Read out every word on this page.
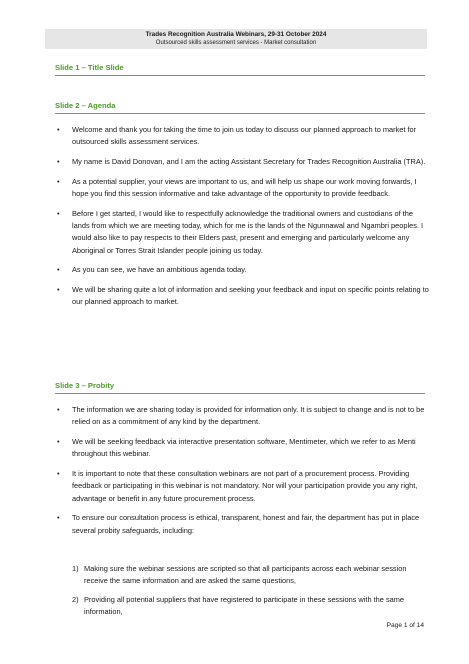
Trades Recognition Australia Webinars, 29-31 October 2024
Outsourced skills assessment services - Market consultation
Slide 1 – Title Slide
Slide 2 – Agenda
• Welcome and thank you for taking the time to join us today to discuss our planned approach to market for outsourced skills assessment services.
• My name is David Donovan, and I am the acting Assistant Secretary for Trades Recognition Australia (TRA).
• As a potential supplier, your views are important to us, and will help us shape our work moving forwards, I hope you find this session informative and take advantage of the opportunity to provide feedback.
• Before I get started, I would like to respectfully acknowledge the traditional owners and custodians of the lands from which we are meeting today, which for me is the lands of the Ngunnawal and Ngambri peoples. I would also like to pay respects to their Elders past, present and emerging and particularly welcome any Aboriginal or Torres Strait Islander people joining us today.
• As you can see, we have an ambitious agenda today.
• We will be sharing quite a lot of information and seeking your feedback and input on specific points relating to our planned approach to market.
Slide 3 – Probity
• The information we are sharing today is provided for information only. It is subject to change and is not to be relied on as a commitment of any kind by the department.
• We will be seeking feedback via interactive presentation software, Mentimeter, which we refer to as Menti throughout this webinar.
• It is important to note that these consultation webinars are not part of a procurement process. Providing feedback or participating in this webinar is not mandatory. Nor will your participation provide you any right, advantage or benefit in any future procurement process.
• To ensure our consultation process is ethical, transparent, honest and fair, the department has put in place several probity safeguards, including:
1) Making sure the webinar sessions are scripted so that all participants across each webinar session receive the same information and are asked the same questions,
2) Providing all potential suppliers that have registered to participate in these sessions with the same information,
Page 1 of 14
